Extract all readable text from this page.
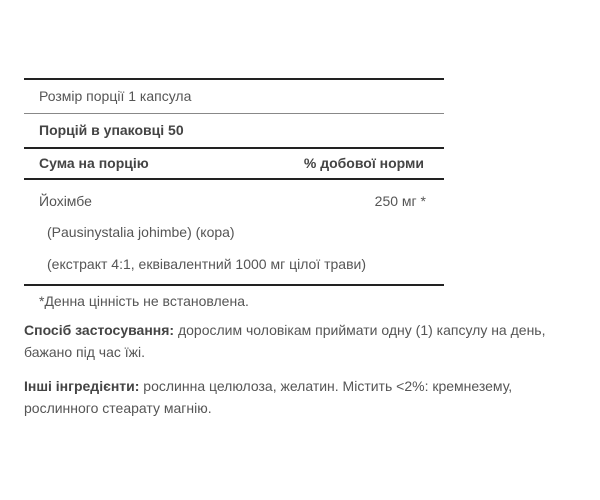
Розмір порції 1 капсула
Порцій в упаковці 50
Сума на порцію	% добової норми
Йохімбе	250 мг *
(Pausinystalia johimbe) (кора)
(екстракт 4:1, еквівалентний 1000 мг цілої трави)
*Денна цінність не встановлена.
Спосіб застосування: дорослим чоловікам приймати одну (1) капсулу на день, бажано під час їжі.
Інші інгредієнти: рослинна целюлоза, желатин. Містить <2%: кремнезему, рослинного стеарату магнію.
